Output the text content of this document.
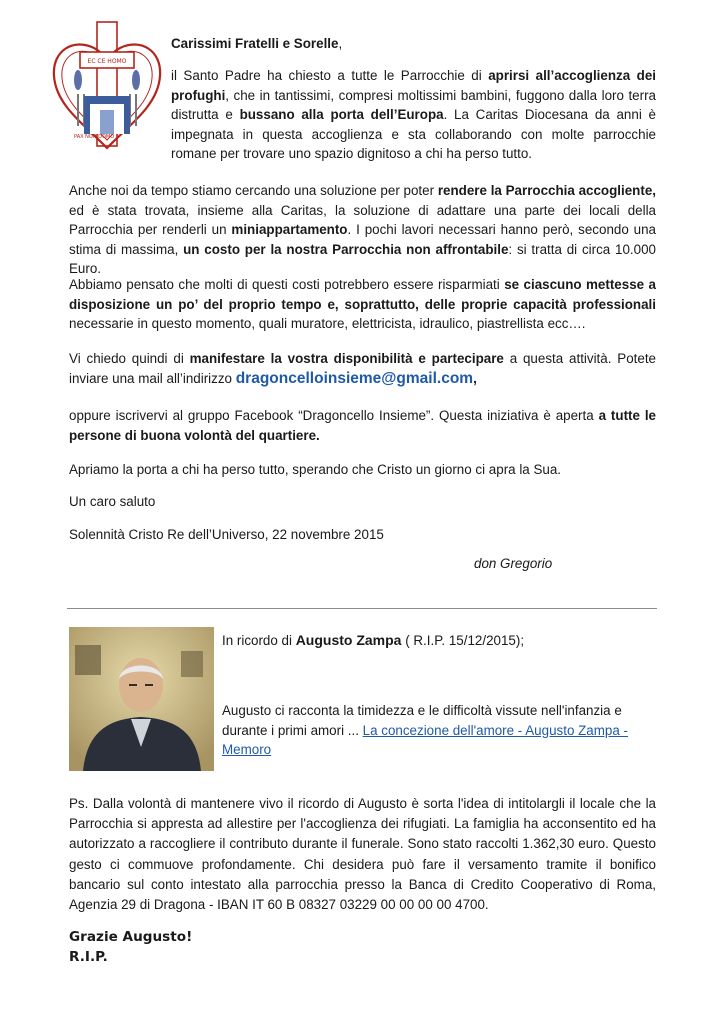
EC CE HOMO
PAX NON DOMO

Carissimi Fratelli e Sorelle,

il Santo Padre ha chiesto a tutte le Parrocchie di aprirsi all’accoglienza dei profughi, che in tantissimi, compresi moltissimi bambini, fuggono dalla loro terra distrutta e bussano alla porta dell’Europa. La Caritas Diocesana da anni è impegnata in questa accoglienza e sta collaborando con molte parrocchie romane per trovare uno spazio dignitoso a chi ha perso tutto.

Anche noi da tempo stiamo cercando una soluzione per poter rendere la Parrocchia accogliente, ed è stata trovata, insieme alla Caritas, la soluzione di adattare una parte dei locali della Parrocchia per renderli un miniappartamento. I pochi lavori necessari hanno però, secondo una stima di massima, un costo per la nostra Parrocchia non affrontabile: si tratta di circa 10.000 Euro.

Abbiamo pensato che molti di questi costi potrebbero essere risparmiati se ciascuno mettesse a disposizione un po’ del proprio tempo e, soprattutto, delle proprie capacità professionali necessarie in questo momento, quali muratore, elettricista, idraulico, piastrellista ecc….

Vi chiedo quindi di manifestare la vostra disponibilità e partecipare a questa attività. Potete inviare una mail all’indirizzo dragoncelloinsieme@gmail.com,

oppure iscrivervi al gruppo Facebook “Dragoncello Insieme”. Questa iniziativa è aperta a tutte le persone di buona volontà del quartiere.

Apriamo la porta a chi ha perso tutto, sperando che Cristo un giorno ci apra la Sua.

Un caro saluto

Solennità Cristo Re dell’Universo, 22 novembre 2015

don Gregorio

In ricordo di Augusto Zampa ( R.I.P. 15/12/2015);

Augusto ci racconta la timidezza e le difficoltà vissute nell'infanzia e durante i primi amori ... La concezione dell'amore - Augusto Zampa - Memoro

Ps. Dalla volontà di mantenere vivo il ricordo di Augusto è sorta l'idea di intitolargli il locale che la Parrocchia si appresta ad allestire per l'accoglienza dei rifugiati. La famiglia ha acconsentito ed ha autorizzato a raccogliere il contributo durante il funerale. Sono stato raccolti 1.362,30 euro. Questo gesto ci commuove profondamente. Chi desidera può fare il versamento tramite il bonifico bancario sul conto intestato alla parrocchia presso la Banca di Credito Cooperativo di Roma, Agenzia 29 di Dragona - IBAN IT 60 B 08327 03229 00 00 00 00 4700.

Grazie Augusto!
R.I.P.
